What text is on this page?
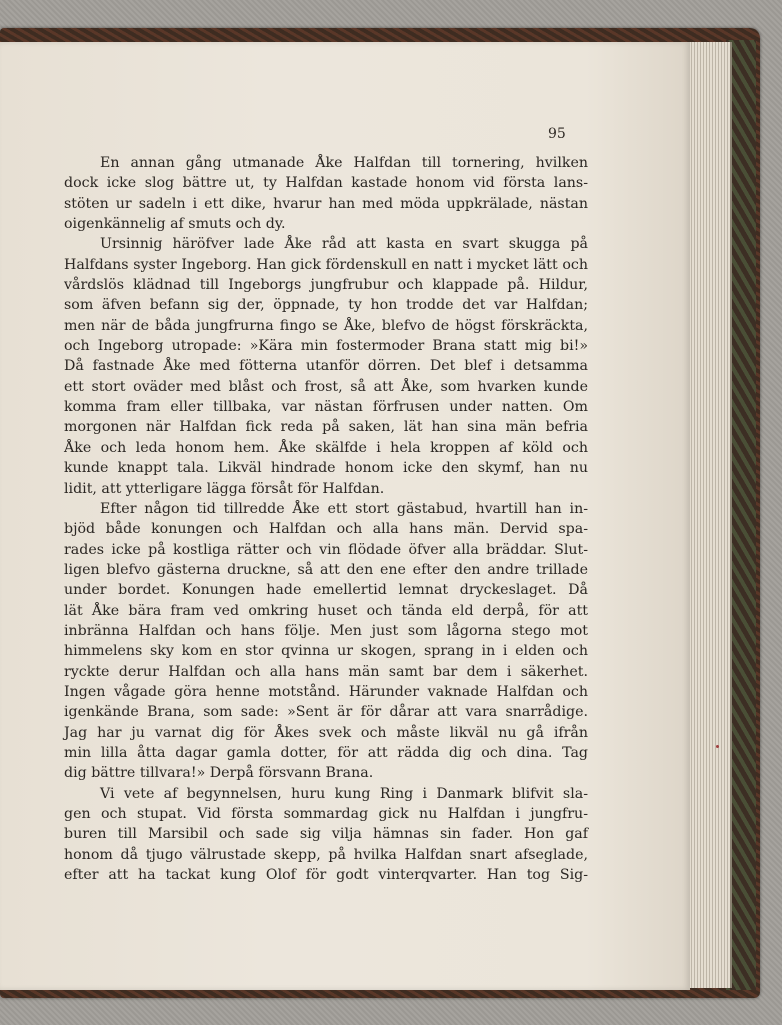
95
En annan gång utmanade Åke Halfdan till tornering, hvilken
dock icke slog bättre ut, ty Halfdan kastade honom vid första lans-
stöten ur sadeln i ett dike, hvarur han med möda uppkrälade, nästan
oigenkännelig af smuts och dy.
Ursinnig häröfver lade Åke råd att kasta en svart skugga på
Halfdans syster Ingeborg. Han gick fördenskull en natt i mycket lätt och
vårdslös klädnad till Ingeborgs jungfrubur och klappade på. Hildur,
som äfven befann sig der, öppnade, ty hon trodde det var Halfdan;
men när de båda jungfrurna fingo se Åke, blefvo de högst förskräckta,
och Ingeborg utropade: »Kära min fostermoder Brana statt mig bi!»
Då fastnade Åke med fötterna utanför dörren. Det blef i detsamma
ett stort oväder med blåst och frost, så att Åke, som hvarken kunde
komma fram eller tillbaka, var nästan förfrusen under natten. Om
morgonen när Halfdan fick reda på saken, lät han sina män befria
Åke och leda honom hem. Åke skälfde i hela kroppen af köld och
kunde knappt tala. Likväl hindrade honom icke den skymf, han nu
lidit, att ytterligare lägga försåt för Halfdan.
Efter någon tid tillredde Åke ett stort gästabud, hvartill han in-
bjöd både konungen och Halfdan och alla hans män. Dervid spa-
rades icke på kostliga rätter och vin flödade öfver alla bräddar. Slut-
ligen blefvo gästerna druckne, så att den ene efter den andre trillade
under bordet. Konungen hade emellertid lemnat dryckeslaget. Då
lät Åke bära fram ved omkring huset och tända eld derpå, för att
inbränna Halfdan och hans följe. Men just som lågorna stego mot
himmelens sky kom en stor qvinna ur skogen, sprang in i elden och
ryckte derur Halfdan och alla hans män samt bar dem i säkerhet.
Ingen vågade göra henne motstånd. Härunder vaknade Halfdan och
igenkände Brana, som sade: »Sent är för dårar att vara snarrådige.
Jag har ju varnat dig för Åkes svek och måste likväl nu gå ifrån
min lilla åtta dagar gamla dotter, för att rädda dig och dina. Tag
dig bättre tillvara!» Derpå försvann Brana.
Vi vete af begynnelsen, huru kung Ring i Danmark blifvit sla-
gen och stupat. Vid första sommardag gick nu Halfdan i jungfru-
buren till Marsibil och sade sig vilja hämnas sin fader. Hon gaf
honom då tjugo välrustade skepp, på hvilka Halfdan snart afseglade,
efter att ha tackat kung Olof för godt vinterqvarter. Han tog Sig-
